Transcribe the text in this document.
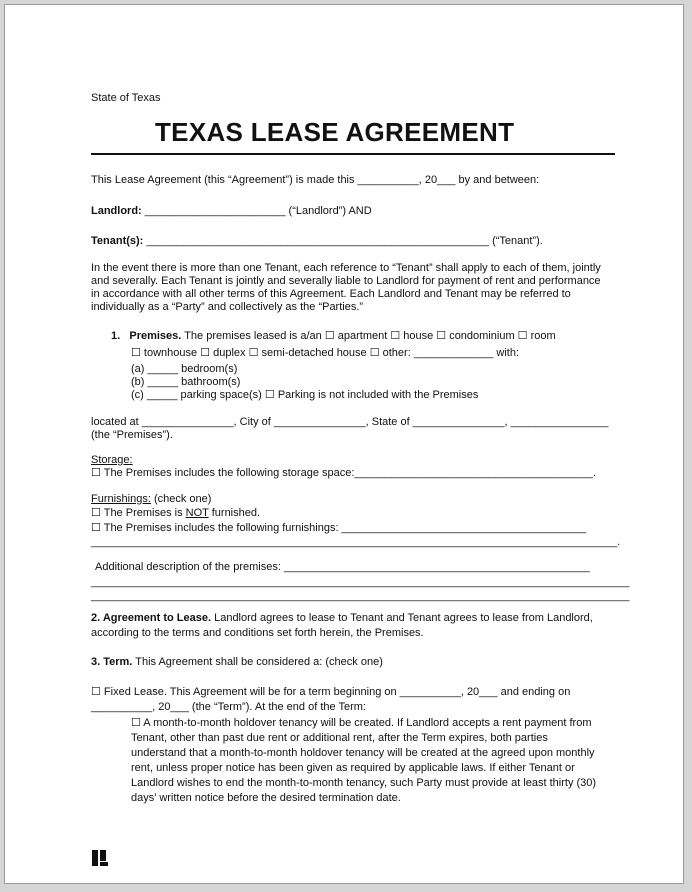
State of Texas
TEXAS LEASE AGREEMENT
This Lease Agreement (this “Agreement”) is made this __________, 20___ by and between:
Landlord: _______________________ (“Landlord”) AND
Tenant(s): ________________________________________________________ (“Tenant”).
In the event there is more than one Tenant, each reference to “Tenant” shall apply to each of them, jointly
and severally. Each Tenant is jointly and severally liable to Landlord for payment of rent and performance
in accordance with all other terms of this Agreement. Each Landlord and Tenant may be referred to
individually as a “Party” and collectively as the “Parties.”
1. Premises. The premises leased is a/an ☐ apartment ☐ house ☐ condominium ☐ room
☐ townhouse ☐ duplex ☐ semi-detached house ☐ other: _____________ with:
(a) _____ bedroom(s)
(b) _____ bathroom(s)
(c) _____ parking space(s) ☐ Parking is not included with the Premises
located at _______________, City of _______________, State of _______________, ________________
(the “Premises”).
Storage:
☐ The Premises includes the following storage space:_______________________________________.
Furnishings: (check one)
☐ The Premises is NOT furnished.
☐ The Premises includes the following furnishings: ________________________________________
______________________________________________________________________________________.
Additional description of the premises: __________________________________________________
________________________________________________________________________________________
________________________________________________________________________________________
2. Agreement to Lease. Landlord agrees to lease to Tenant and Tenant agrees to lease from Landlord,
according to the terms and conditions set forth herein, the Premises.
3. Term. This Agreement shall be considered a: (check one)
☐ Fixed Lease. This Agreement will be for a term beginning on __________, 20___ and ending on
__________, 20___ (the “Term”). At the end of the Term:
☐ A month-to-month holdover tenancy will be created. If Landlord accepts a rent payment from
Tenant, other than past due rent or additional rent, after the Term expires, both parties
understand that a month-to-month holdover tenancy will be created at the agreed upon monthly
rent, unless proper notice has been given as required by applicable laws. If either Tenant or
Landlord wishes to end the month-to-month tenancy, such Party must provide at least thirty (30)
days’ written notice before the desired termination date.
